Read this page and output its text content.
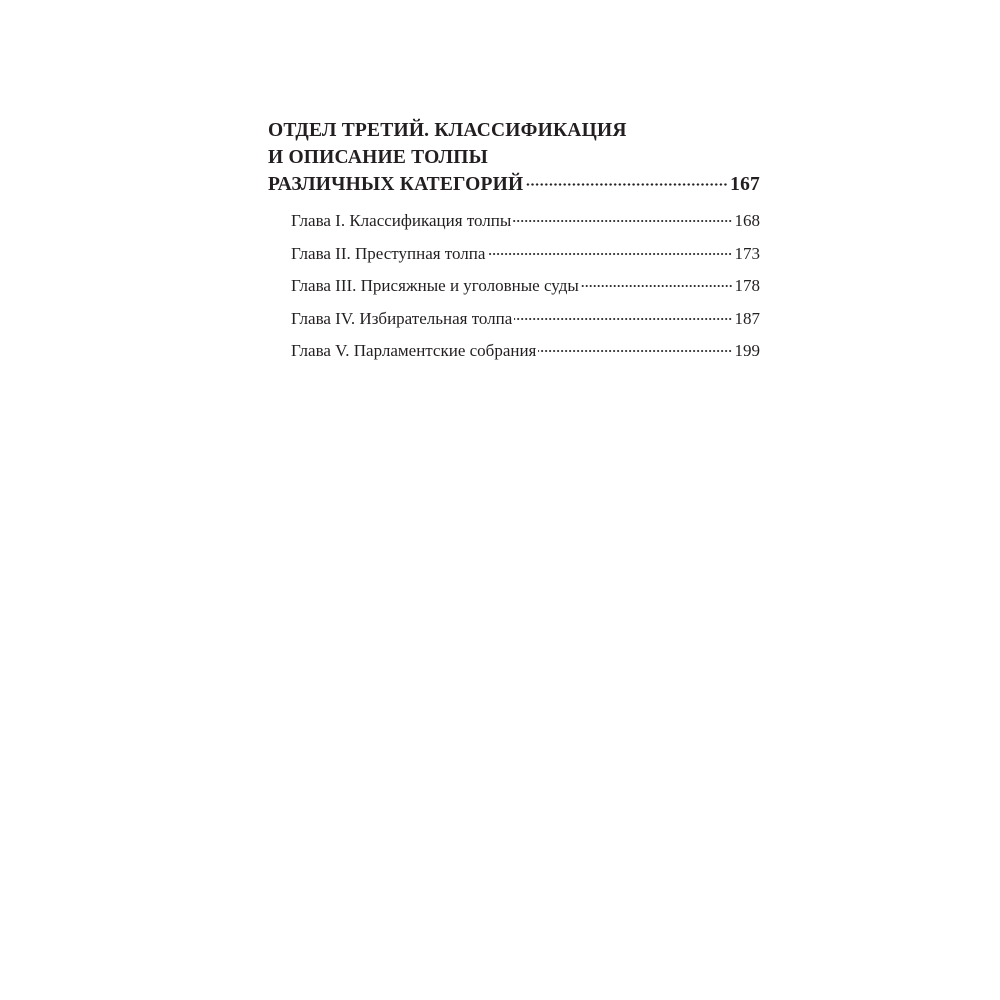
ОТДЕЛ ТРЕТИЙ. КЛАССИФИКАЦИЯ
И ОПИСАНИЕ ТОЛПЫ
РАЗЛИЧНЫХ КАТЕГОРИЙ	167
Глава I. Классификация толпы	168
Глава II. Преступная толпа	173
Глава III. Присяжные и уголовные суды	178
Глава IV. Избирательная толпа	187
Глава V. Парламентские собрания	199
